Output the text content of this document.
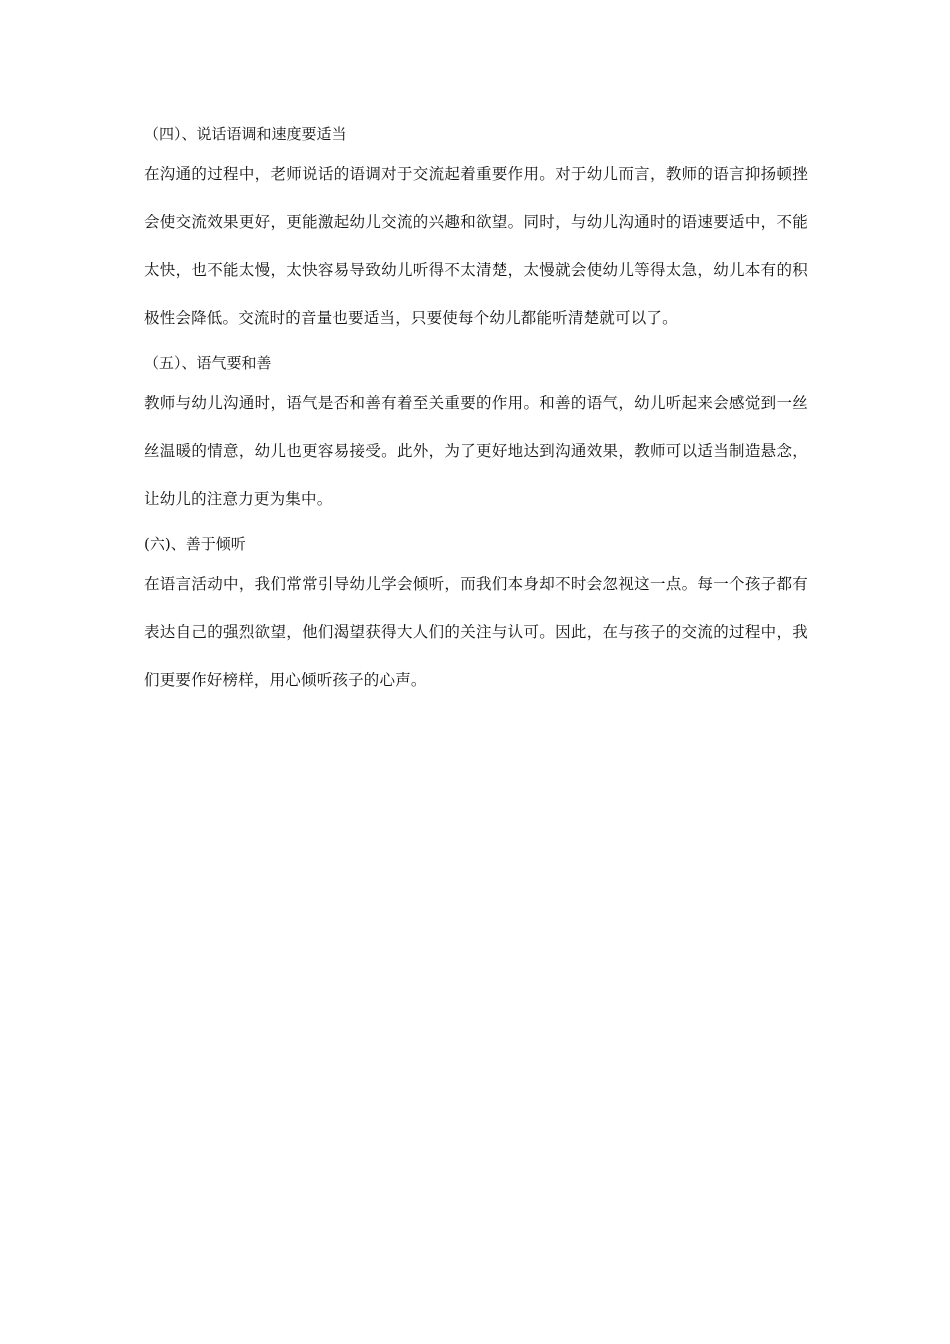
（四）、说话语调和速度要适当
在沟通的过程中，老师说话的语调对于交流起着重要作用。对于幼儿而言，教师的语言抑扬顿挫会使交流效果更好，更能激起幼儿交流的兴趣和欲望。同时，与幼儿沟通时的语速要适中，不能太快，也不能太慢，太快容易导致幼儿听得不太清楚，太慢就会使幼儿等得太急，幼儿本有的积极性会降低。交流时的音量也要适当，只要使每个幼儿都能听清楚就可以了。
（五）、语气要和善
教师与幼儿沟通时，语气是否和善有着至关重要的作用。和善的语气，幼儿听起来会感觉到一丝丝温暖的情意，幼儿也更容易接受。此外，为了更好地达到沟通效果，教师可以适当制造悬念，让幼儿的注意力更为集中。
(六)、善于倾听
在语言活动中，我们常常引导幼儿学会倾听，而我们本身却不时会忽视这一点。每一个孩子都有表达自己的强烈欲望，他们渴望获得大人们的关注与认可。因此，在与孩子的交流的过程中，我们更要作好榜样，用心倾听孩子的心声。
